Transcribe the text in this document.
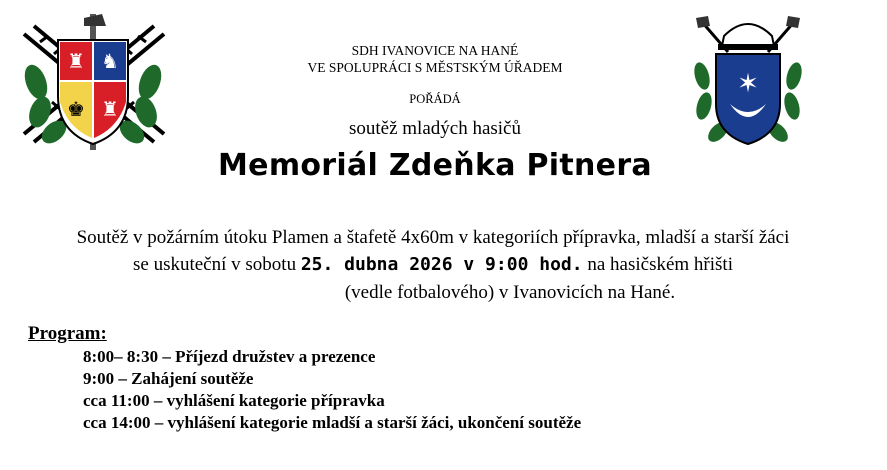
♜ ♞
♚ ♜
✶
SDH IVANOVICE NA HANÉ
VE SPOLUPRÁCI S MĚSTSKÝM ÚŘADEM
POŘÁDÁ
soutěž mladých hasičů
Memoriál Zdeňka Pitnera
Soutěž v požárním útoku Plamen a štafetě 4x60m v kategoriích přípravka, mladší a starší žáci
se uskuteční v sobotu 25. dubna 2026 v 9:00 hod. na hasičském hřišti
(vedle fotbalového) v Ivanovicích na Hané.
Program:
8:00– 8:30 – Příjezd družstev a prezence
9:00 – Zahájení soutěže
cca 11:00 – vyhlášení kategorie přípravka
cca 14:00 – vyhlášení kategorie mladší a starší žáci, ukončení soutěže
